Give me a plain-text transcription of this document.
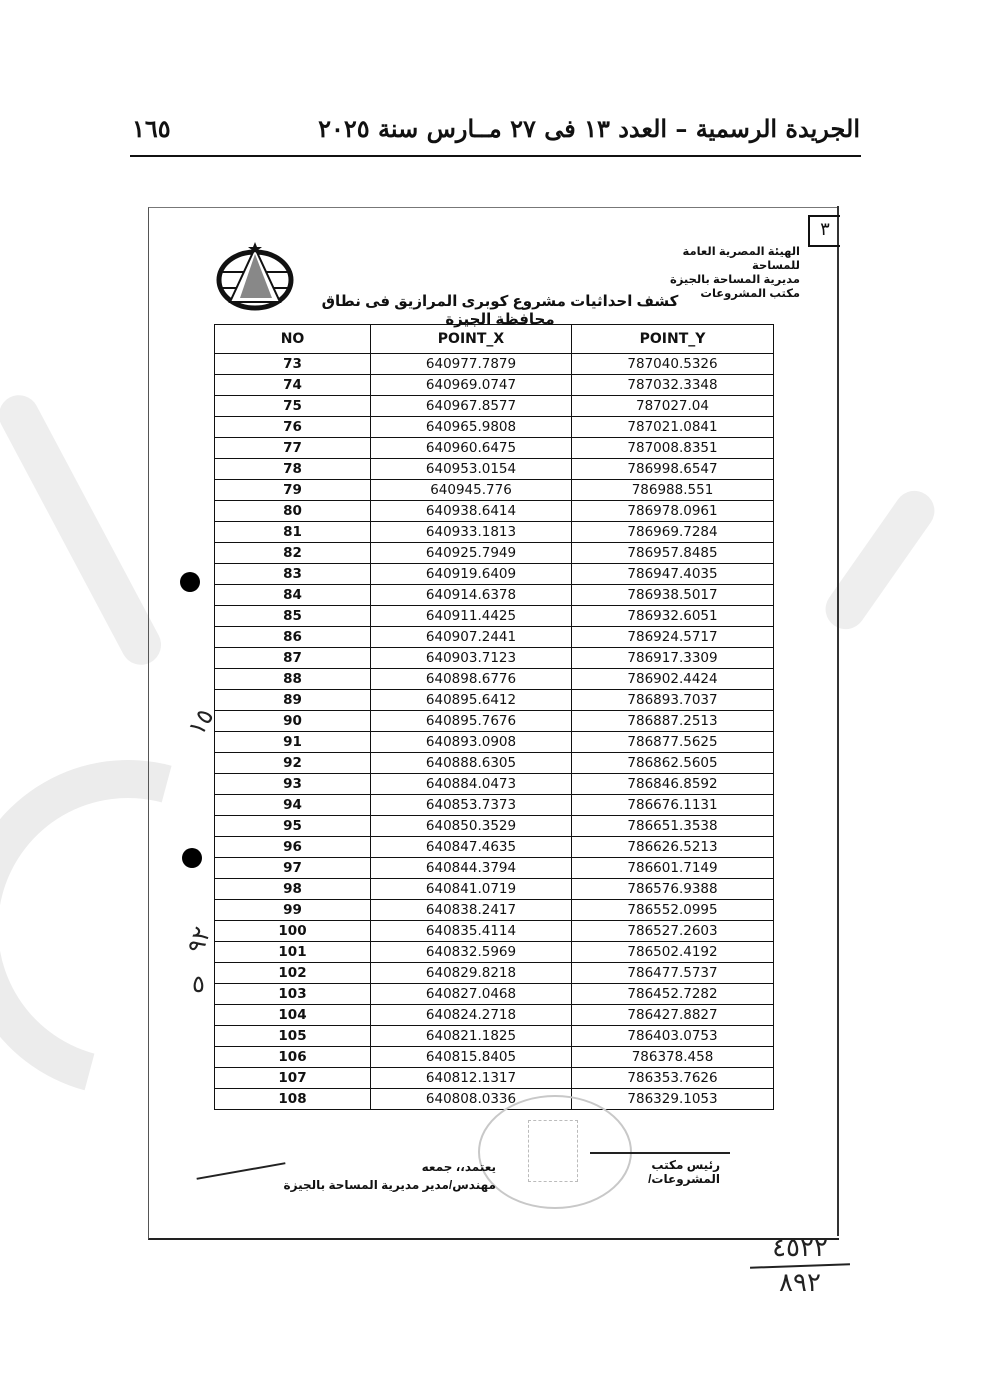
الجريدة الرسمية – العدد ١٣ فى ٢٧ مــارس سنة ٢٠٢٥
١٦٥
٣
الهيئة المصرية العامة للمساحة
مديرية المساحة بالجيزة
مكتب المشروعات
كشف احداثيات مشروع كوبرى المرازيق فى نطاق محافظة الجيزة
NO	POINT_X	POINT_Y
73	640977.7879	787040.5326
74	640969.0747	787032.3348
75	640967.8577	787027.04
76	640965.9808	787021.0841
77	640960.6475	787008.8351
78	640953.0154	786998.6547
79	640945.776	786988.551
80	640938.6414	786978.0961
81	640933.1813	786969.7284
82	640925.7949	786957.8485
83	640919.6409	786947.4035
84	640914.6378	786938.5017
85	640911.4425	786932.6051
86	640907.2441	786924.5717
87	640903.7123	786917.3309
88	640898.6776	786902.4424
89	640895.6412	786893.7037
90	640895.7676	786887.2513
91	640893.0908	786877.5625
92	640888.6305	786862.5605
93	640884.0473	786846.8592
94	640853.7373	786676.1131
95	640850.3529	786651.3538
96	640847.4635	786626.5213
97	640844.3794	786601.7149
98	640841.0719	786576.9388
99	640838.2417	786552.0995
100	640835.4114	786527.2603
101	640832.5969	786502.4192
102	640829.8218	786477.5737
103	640827.0468	786452.7282
104	640824.2718	786427.8827
105	640821.1825	786403.0753
106	640815.8405	786378.458
107	640812.1317	786353.7626
108	640808.0336	786329.1053
١٥
٩٢
٥
يعتمد،، جمعه
مهندس/مدير مديرية المساحة بالجيزة
رئيس مكتب المشروعات/
٤٥٢٢
٨٩٢
